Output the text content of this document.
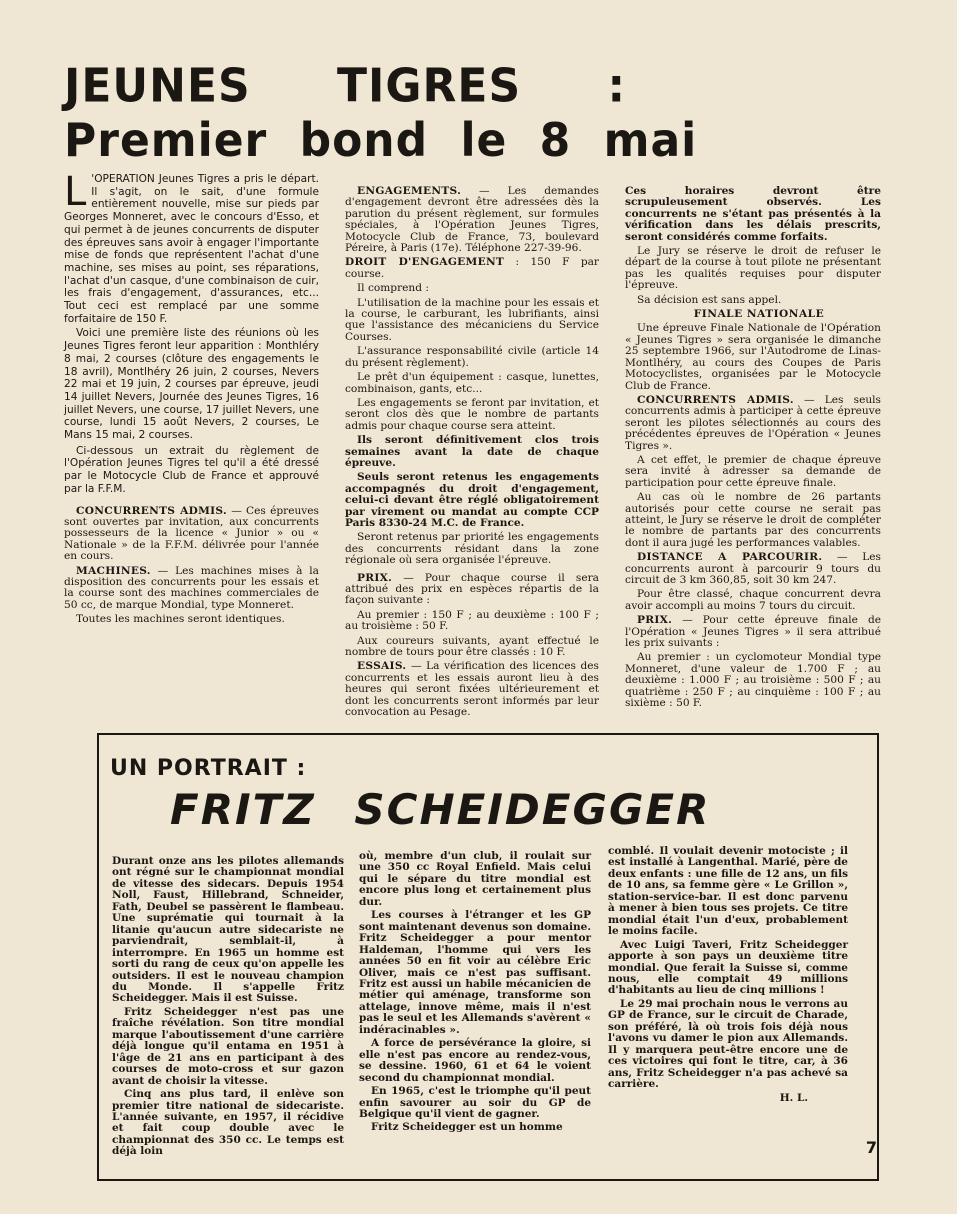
JEUNES TIGRES :
Premier bond le 8 mai
L 'OPERATION Jeunes Tigres a pris le départ. Il s'agit, on le sait, d'une formule entièrement nouvelle, mise sur pieds par Georges Monneret, avec le concours d'Esso, et qui permet à de jeunes concurrents de disputer des épreuves sans avoir à engager l'importante mise de fonds que représentent l'achat d'une machine, ses mises au point, ses réparations, l'achat d'un casque, d'une combinaison de cuir, les frais d'engagement, d'assurances, etc... Tout ceci est remplacé par une somme forfaitaire de 150 F.

Voici une première liste des réunions où les Jeunes Tigres feront leur apparition : Monthléry 8 mai, 2 courses (clôture des engagements le 18 avril), Montlhéry 26 juin, 2 courses, Nevers 22 mai et 19 juin, 2 courses par épreuve, jeudi 14 juillet Nevers, Journée des Jeunes Tigres, 16 juillet Nevers, une course, 17 juillet Nevers, une course, lundi 15 août Nevers, 2 courses, Le Mans 15 mai, 2 courses.

Ci-dessous un extrait du règlement de l'Opération Jeunes Tigres tel qu'il a été dressé par le Motocycle Club de France et approuvé par la F.F.M.

CONCURRENTS ADMIS. — Ces épreuves sont ouvertes par invitation, aux concurrents possesseurs de la licence « Junior » ou « Nationale » de la F.F.M. délivrée pour l'année en cours.

MACHINES. — Les machines mises à la disposition des concurrents pour les essais et la course sont des machines commerciales de 50 cc, de marque Mondial, type Monneret.

Toutes les machines seront identiques.

ENGAGEMENTS. — Les demandes d'engagement devront être adressées dès la parution du présent règlement, sur formules spéciales, à l'Opération Jeunes Tigres, Motocycle Club de France, 73, boulevard Péreire, à Paris (17e). Téléphone 227-39-96.

DROIT D'ENGAGEMENT : 150 F par course.

Il comprend :

L'utilisation de la machine pour les essais et la course, le carburant, les lubrifiants, ainsi que l'assistance des mécaniciens du Service Courses.

L'assurance responsabilité civile (article 14 du présent règlement).

Le prêt d'un équipement : casque, lunettes, combinaison, gants, etc...

Les engagements se feront par invitation, et seront clos dès que le nombre de partants admis pour chaque course sera atteint.

Ils seront définitivement clos trois semaines avant la date de chaque épreuve.

Seuls seront retenus les engagements accompagnés du droit d'engagement, celui-ci devant être réglé obligatoirement par virement ou mandat au compte CCP Paris 8330-24 M.C. de France.

Seront retenus par priorité les engagements des concurrents résidant dans la zone régionale où sera organisée l'épreuve.

PRIX. — Pour chaque course il sera attribué des prix en espèces répartis de la façon suivante :

Au premier : 150 F ; au deuxième : 100 F ; au troisième : 50 F.

Aux coureurs suivants, ayant effectué le nombre de tours pour être classés : 10 F.

ESSAIS. — La vérification des licences des concurrents et les essais auront lieu à des heures qui seront fixées ultérieurement et dont les concurrents seront informés par leur convocation au Pesage.

Ces horaires devront être scrupuleusement observés. Les concurrents ne s'étant pas présentés à la vérification dans les délais prescrits, seront considérés comme forfaits.

Le Jury se réserve le droit de refuser le départ de la course à tout pilote ne présentant pas les qualités requises pour disputer l'épreuve.

Sa décision est sans appel.

FINALE NATIONALE

Une épreuve Finale Nationale de l'Opération « Jeunes Tigres » sera organisée le dimanche 25 septembre 1966, sur l'Autodrome de Linas-Montlhéry, au cours des Coupes de Paris Motocyclistes, organisées par le Motocycle Club de France.

CONCURRENTS ADMIS. — Les seuls concurrents admis à participer à cette épreuve seront les pilotes sélectionnés au cours des précédentes épreuves de l'Opération « Jeunes Tigres ».

A cet effet, le premier de chaque épreuve sera invité à adresser sa demande de participation pour cette épreuve finale.

Au cas où le nombre de 26 partants autorisés pour cette course ne serait pas atteint, le Jury se réserve le droit de compléter le nombre de partants par des concurrents dont il aura jugé les performances valables.

DISTANCE A PARCOURIR. — Les concurrents auront à parcourir 9 tours du circuit de 3 km 360,85, soit 30 km 247.

Pour être classé, chaque concurrent devra avoir accompli au moins 7 tours du circuit.

PRIX. — Pour cette épreuve finale de l'Opération « Jeunes Tigres » il sera attribué les prix suivants :

Au premier : un cyclomoteur Mondial type Monneret, d'une valeur de 1.700 F ; au deuxième : 1.000 F ; au troisième : 500 F ; au quatrième : 250 F ; au cinquième : 100 F ; au sixième : 50 F.

UN PORTRAIT :
FRITZ SCHEIDEGGER

Durant onze ans les pilotes allemands ont régné sur le championnat mondial de vitesse des sidecars. Depuis 1954 Noll, Faust, Hillebrand, Schneider, Fath, Deubel se passèrent le flambeau. Une suprématie qui tournait à la litanie qu'aucun autre sidecariste ne parviendrait, semblait-il, à interrompre. En 1965 un homme est sorti du rang de ceux qu'on appelle les outsiders. Il est le nouveau champion du Monde. Il s'appelle Fritz Scheidegger. Mais il est Suisse.

Fritz Scheidegger n'est pas une fraîche révélation. Son titre mondial marque l'aboutissement d'une carrière déjà longue qu'il entama en 1951 à l'âge de 21 ans en participant à des courses de moto-cross et sur gazon avant de choisir la vitesse.

Cinq ans plus tard, il enlève son premier titre national de sidecariste. L'année suivante, en 1957, il récidive et fait coup double avec le championnat des 350 cc. Le temps est déjà loin

où, membre d'un club, il roulait sur une 350 cc Royal Enfield. Mais celui qui le sépare du titre mondial est encore plus long et certainement plus dur.

Les courses à l'étranger et les GP sont maintenant devenus son domaine. Fritz Scheidegger a pour mentor Haldeman, l'homme qui vers les années 50 en fit voir au célèbre Eric Oliver, mais ce n'est pas suffisant. Fritz est aussi un habile mécanicien de métier qui aménage, transforme son attelage, innove même, mais il n'est pas le seul et les Allemands s'avèrent « indéracinables ».

A force de persévérance la gloire, si elle n'est pas encore au rendez-vous, se dessine. 1960, 61 et 64 le voient second du championnat mondial.

En 1965, c'est le triomphe qu'il peut enfin savourer au soir du GP de Belgique qu'il vient de gagner.

Fritz Scheidegger est un homme

comblé. Il voulait devenir motociste ; il est installé à Langenthal. Marié, père de deux enfants : une fille de 12 ans, un fils de 10 ans, sa femme gère « Le Grillon », station-service-bar. Il est donc parvenu à mener à bien tous ses projets. Ce titre mondial était l'un d'eux, probablement le moins facile.

Avec Luigi Taveri, Fritz Scheidegger apporte à son pays un deuxième titre mondial. Que ferait la Suisse si, comme nous, elle comptait 49 millions d'habitants au lieu de cinq millions !

Le 29 mai prochain nous le verrons au GP de France, sur le circuit de Charade, son préféré, là où trois fois déjà nous l'avons vu damer le pion aux Allemands. Il y marquera peut-être encore une de ces victoires qui font le titre, car, à 36 ans, Fritz Scheidegger n'a pas achevé sa carrière.

H. L.

7
